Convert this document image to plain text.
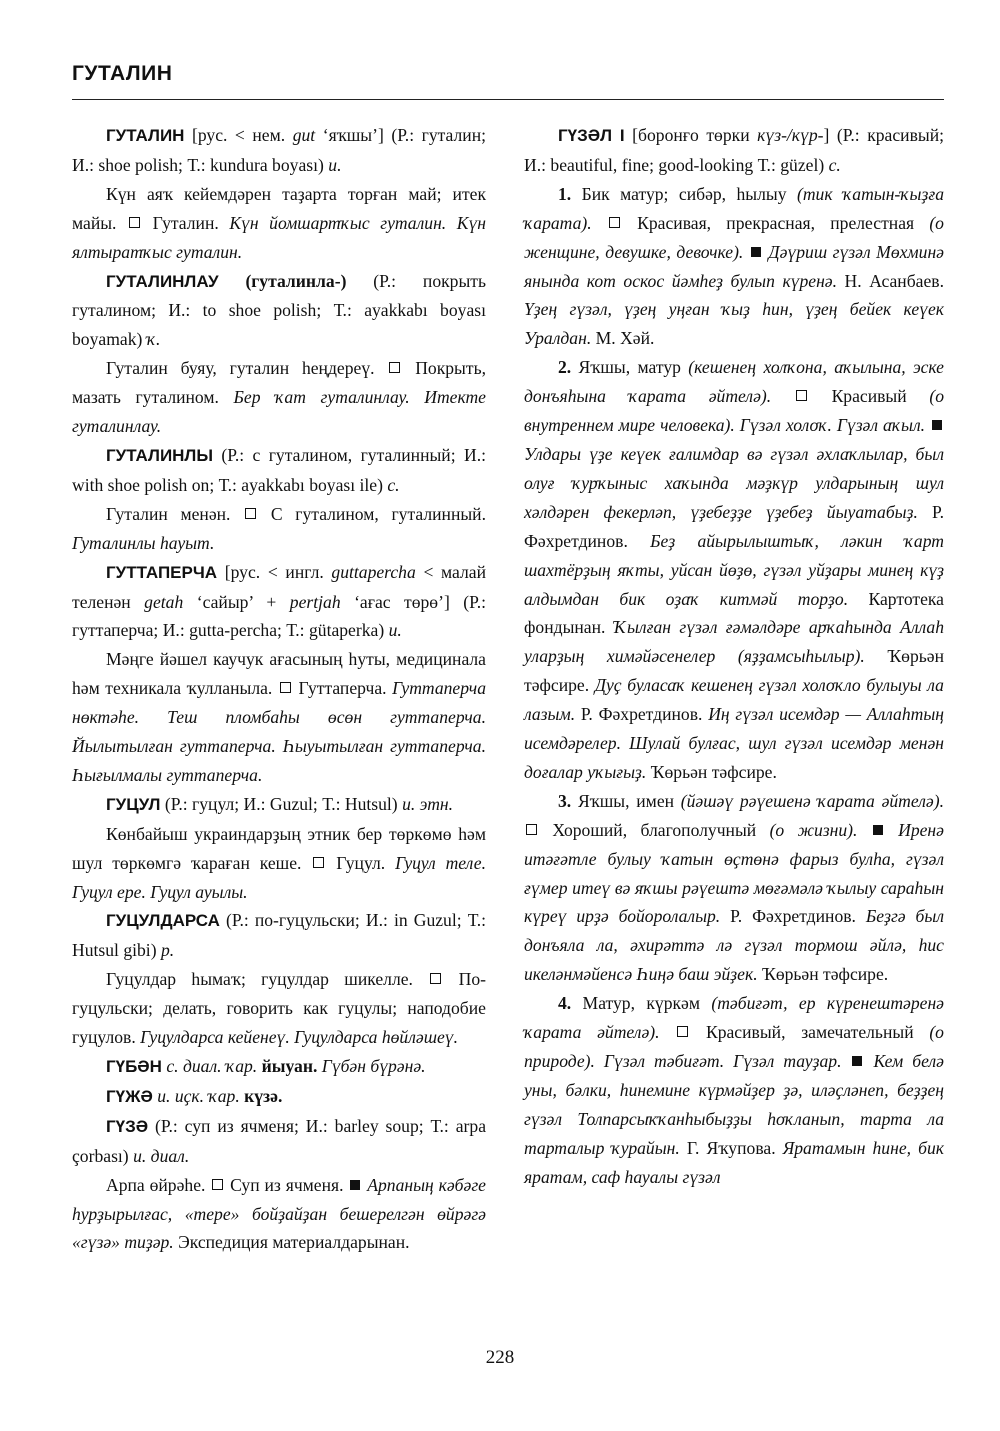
ГУТАЛИН

ГУТАЛИН [рус. < нем. gut ‘яҡшы’] (Р.: гуталин; И.: shoe polish; Т.: kundura boyası) и.

Күн аяҡ кейемдәрен таҙарта торған май; итек майы.  Гуталин. Күн йомшартҡыс гуталин. Күн ялтыратҡыс гуталин.

ГУТАЛИНЛАУ (гуталинла-) (Р.: покрыть гуталином; И.: to shoe polish; Т.: ayakkabı boyası boyamak) ҡ.

Гуталин буяу, гуталин һеңдереү.  Покрыть, мазать гуталином. Бер ҡат гуталинлау. Итекте гуталинлау.

ГУТАЛИНЛЫ (Р.: с гуталином, гуталинный; И.: with shoe polish on; Т.: ayakkabı boyası ile) с.

Гуталин менән.  С гуталином, гуталинный. Гуталинлы һауыт.

ГУТТАПЕРЧА [рус. < ингл. guttapercha < малай теленән getah ‘сайыр’ + pertjah ‘ағас төрө’] (Р.: гуттаперча; И.: gutta-percha; Т.: gütaperka) и.

Мәңге йәшел каучук ағасының һуты, медицинала һәм техникала ҡулланыла.  Гуттаперча. Гуттаперча нөктәһе. Теш пломбаһы өсөн гуттаперча. Йылытылған гуттаперча. Һыуытылған гуттаперча. Һығылмалы гуттаперча.

ГУЦУЛ (Р.: гуцул; И.: Guzul; Т.: Hutsul) и. этн.

Көнбайыш украиндарҙың этник бер төркөмө һәм шул төркөмгә ҡараған кеше.  Гуцул. Гуцул теле. Гуцул ере. Гуцул ауылы.

ГУЦУЛДАРСА (Р.: по-гуцульски; И.: in Guzul; Т.: Hutsul gibi) р.

Гуцулдар һымаҡ; гуцулдар шикелле.  По-гуцульски; делать, говорить как гуцулы; наподобие гуцулов. Гуцулдарса кейенеү. Гуцулдарса һөйләшеү.

ГҮБӘН с. диал. ҡар. йыуан. Гүбән бүрәнә.

ГҮЖӘ и. иҫк. ҡар. күзә.

ГҮЗӘ (Р.: суп из ячменя; И.: barley soup; Т.: arpa çorbası) и. диал.

Арпа өйрәһе.  Суп из ячменя.  Арпаның кәбәге һурҙырылғас, «тере» бойҙайҙан бешерелгән өйрәгә «гүзә» тиҙәр. Экспедиция материалдарынан.

ГҮЗӘЛ I [боронғо төрки күз-/күр-] (Р.: красивый; И.: beautiful, fine; good-looking Т.: güzel) с.

1. Бик матур; сибәр, һылыу (тик ҡатын-ҡыҙға ҡарата).  Красивая, прекрасная, прелестная (о женщине, девушке, девочке). Дәүриш гүзәл Мөхминә янында кот оскос йәмһеҙ булып күренә. Н. Асанбаев. Үҙең гүзәл, үҙең уңған ҡыҙ һин, үҙең бейек кеүек Уралдан. М. Хәй.

2. Яҡшы, матур (кешенең холҡона, аҡылына, эске донъяһына ҡарата әйтелә).  Красивый (о внутреннем мире человека). Гүзәл холоҡ. Гүзәл аҡыл.  Улдары үҙе кеүек ғалимдар вә гүзәл әхлаҡлылар, был олуғ ҡурҡыныс хаҡында мәҙкүр улдарының шул хәлдәрен фекерләп, үҙебеҙҙе үҙебеҙ йыуатабыҙ. Р. Фәхретдинов. Беҙ айырылыштыҡ, ләкин ҡарт шахтёрҙың яҡты, уйсан йөҙө, гүзәл уйҙары минең күҙ алдымдан бик оҙаҡ китмәй торҙо. Картотека фондынан. Ҡылған гүзәл ғәмәлдәре арҡаһында Аллаһ уларҙың химәйәсенелер (яҙҙамсыһылыр). Ҡөрьән тәфсире. Дуҫ буласаҡ кешенең гүзәл холоҡло булыуы ла лазым. Р. Фәхретдинов. Иң гүзәл исемдәр — Аллаһтың исемдәрелер. Шулай булғас, шул гүзәл исемдәр менән доғалар уҡығыҙ. Ҡөрьән тәфсире.

3. Яҡшы, имен (йәшәү рәүешенә ҡарата әйтелә).  Хороший, благополучный (о жизни). Иренә итәғәтле булыу ҡатын өҫтөнә фарыз булһа, гүзәл ғүмер итеү вә яҡшы рәүештә мөғәмәлә ҡылыу сараһын күреү ирҙә бойоролалыр. Р. Фәхретдинов. Беҙгә был донъяла ла, әхирәттә лә гүзәл тормош әйлә, һис икеләнмәйенсә Һиңә баш эйҙек. Ҡөрьән тәфсире.

4. Матур, күркәм (тәбиғәт, ер күренештәренә ҡарата әйтелә).  Красивый, замечательный (о природе). Гүзәл тәбиғәт. Гүзәл тауҙар. Кем белә уны, бәлки, һинемине күрмәйҙер ҙә, иләҫләнеп, беҙҙең гүзәл Толпарсыҡҡанһыбыҙҙы һоҡланып, тарта ла тарталыр ҡурайын. Г. Яҡупова. Яратамын һине, бик яратам, саф һауалы гүзәл

228
